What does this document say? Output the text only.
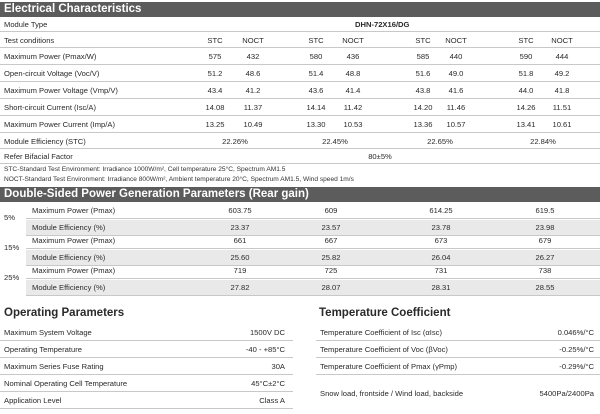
Electrical Characteristics
Module Type	DHN-72X16/DG
Test conditions	STC	NOCT	STC	NOCT	STC	NOCT	STC	NOCT
Maximum Power (Pmax/W)	575	432	580	436	585	440	590	444
Open-circuit Voltage (Voc/V)	51.2	48.6	51.4	48.8	51.6	49.0	51.8	49.2
Maximum Power Voltage (Vmp/V)	43.4	41.2	43.6	41.4	43.8	41.6	44.0	41.8
Short-circuit Current (Isc/A)	14.08	11.37	14.14	11.42	14.20	11.46	14.26	11.51
Maximum Power Current (Imp/A)	13.25	10.49	13.30	10.53	13.36	10.57	13.41	10.61
Module Efficiency (STC)	22.26%	22.45%	22.65%	22.84%
Refer Bifacial Factor	80±5%
STC-Standard Test Environment: Irradiance 1000W/m², Cell temperature 25°C, Spectrum AM1.5
NOCT-Standard Test Environment: Irradiance 800W/m², Ambient temperature 20°C, Spectrum AM1.5, Wind speed 1m/s
Double-Sided Power Generation Parameters (Rear gain)
5%
Maximum Power (Pmax)	603.75	609	614.25	619.5
Module Efficiency (%)	23.37	23.57	23.78	23.98
15%
Maximum Power (Pmax)	661	667	673	679
Module Efficiency (%)	25.60	25.82	26.04	26.27
25%
Maximum Power (Pmax)	719	725	731	738
Module Efficiency (%)	27.82	28.07	28.31	28.55
Operating Parameters
Maximum System Voltage	1500V DC
Operating Temperature	-40 - +85°C
Maximum Series Fuse Rating	30A
Nominal Operating Cell Temperature	45°C±2°C
Application Level	Class A
Temperature Coefficient
Temperature Coefficient of Isc (αIsc)	0.046%/°C
Temperature Coefficient of Voc (βVoc)	-0.25%/°C
Temperature Coefficient of Pmax (γPmp)	-0.29%/°C
Snow load, frontside / Wind load, backside	5400Pa/2400Pa
